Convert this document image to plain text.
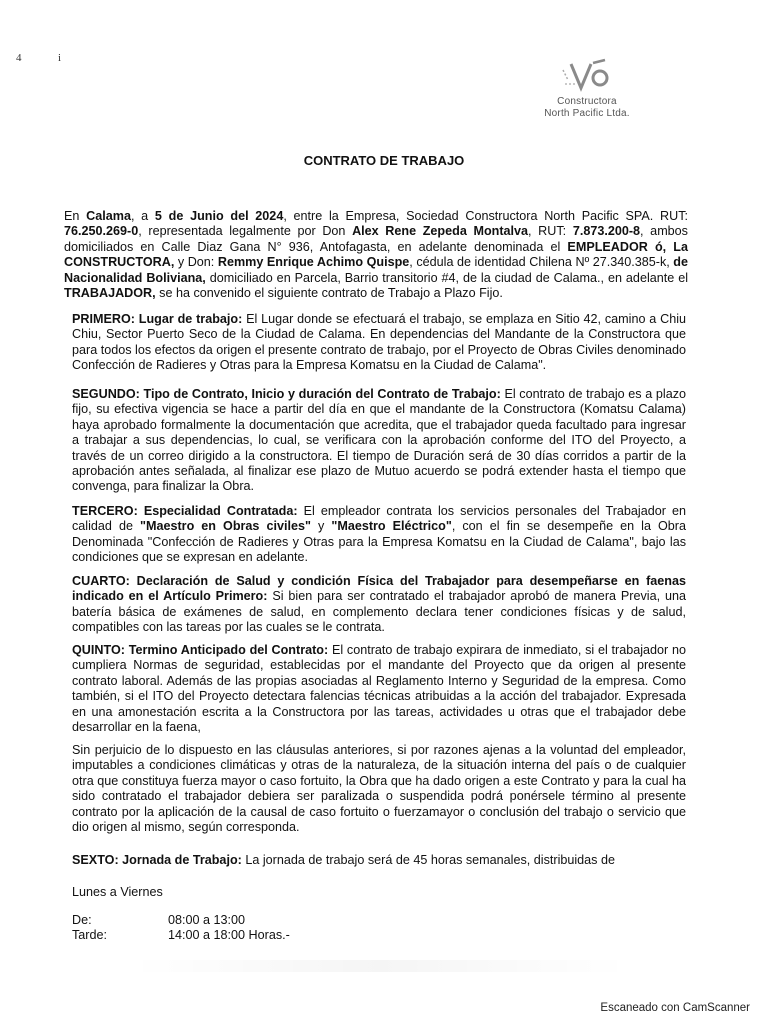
4	i
Constructora
North Pacific Ltda.
CONTRATO DE TRABAJO
En Calama, a 5 de Junio del 2024, entre la Empresa, Sociedad Constructora North Pacific SPA. RUT: 76.250.269-0, representada legalmente por Don Alex Rene Zepeda Montalva, RUT: 7.873.200-8, ambos domiciliados en Calle Diaz Gana N° 936, Antofagasta, en adelante denominada el EMPLEADOR ó, La CONSTRUCTORA, y Don: Remmy Enrique Achimo Quispe, cédula de identidad Chilena Nº 27.340.385-k, de Nacionalidad Boliviana, domiciliado en Parcela, Barrio transitorio #4, de la ciudad de Calama., en adelante el TRABAJADOR, se ha convenido el siguiente contrato de Trabajo a Plazo Fijo.
PRIMERO: Lugar de trabajo: El Lugar donde se efectuará el trabajo, se emplaza en Sitio 42, camino a Chiu Chiu, Sector Puerto Seco de la Ciudad de Calama. En dependencias del Mandante de la Constructora que para todos los efectos da origen el presente contrato de trabajo, por el Proyecto de Obras Civiles denominado Confección de Radieres y Otras para la Empresa Komatsu en la Ciudad de Calama".
SEGUNDO: Tipo de Contrato, Inicio y duración del Contrato de Trabajo: El contrato de trabajo es a plazo fijo, su efectiva vigencia se hace a partir del día en que el mandante de la Constructora (Komatsu Calama) haya aprobado formalmente la documentación que acredita, que el trabajador queda facultado para ingresar a trabajar a sus dependencias, lo cual, se verificara con la aprobación conforme del ITO del Proyecto, a través de un correo dirigido a la constructora. El tiempo de Duración será de 30 días corridos a partir de la aprobación antes señalada, al finalizar ese plazo de Mutuo acuerdo se podrá extender hasta el tiempo que convenga, para finalizar la Obra.
TERCERO: Especialidad Contratada: El empleador contrata los servicios personales del Trabajador en calidad de "Maestro en Obras civiles" y "Maestro Eléctrico", con el fin se desempeñe en la Obra Denominada "Confección de Radieres y Otras para la Empresa Komatsu en la Ciudad de Calama", bajo las condiciones que se expresan en adelante.
CUARTO: Declaración de Salud y condición Física del Trabajador para desempeñarse en faenas indicado en el Artículo Primero: Si bien para ser contratado el trabajador aprobó de manera Previa, una batería básica de exámenes de salud, en complemento declara tener condiciones físicas y de salud, compatibles con las tareas por las cuales se le contrata.
QUINTO: Termino Anticipado del Contrato: El contrato de trabajo expirara de inmediato, si el trabajador no cumpliera Normas de seguridad, establecidas por el mandante del Proyecto que da origen al presente contrato laboral. Además de las propias asociadas al Reglamento Interno y Seguridad de la empresa. Como también, si el ITO del Proyecto detectara falencias técnicas atribuidas a la acción del trabajador. Expresada en una amonestación escrita a la Constructora por las tareas, actividades u otras que el trabajador debe desarrollar en la faena,
Sin perjuicio de lo dispuesto en las cláusulas anteriores, si por razones ajenas a la voluntad del empleador, imputables a condiciones climáticas y otras de la naturaleza, de la situación interna del país o de cualquier otra que constituya fuerza mayor o caso fortuito, la Obra que ha dado origen a este Contrato y para la cual ha sido contratado el trabajador debiera ser paralizada o suspendida podrá ponérsele término al presente contrato por la aplicación de la causal de caso fortuito o fuerzamayor o conclusión del trabajo o servicio que dio origen al mismo, según corresponda.
SEXTO: Jornada de Trabajo: La jornada de trabajo será de 45 horas semanales, distribuidas de
Lunes a Viernes
De:	08:00 a 13:00
Tarde:	14:00 a 18:00 Horas.-
Escaneado con CamScanner
